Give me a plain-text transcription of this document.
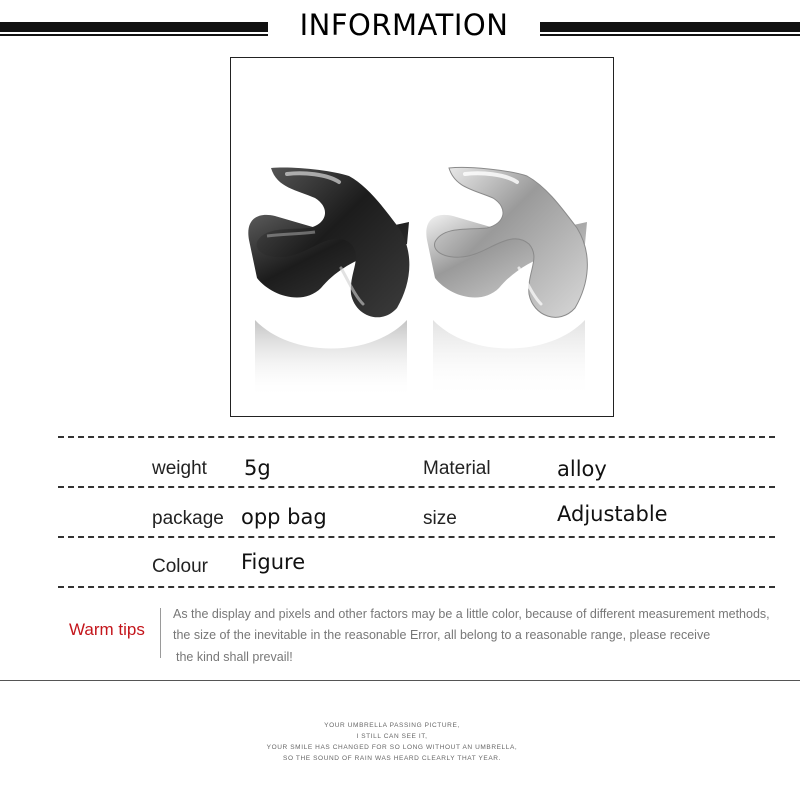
INFORMATION
weight 5g	Material	alloy
package opp bag	size	Adjustable
Colour Figure
Warm tips
As the display and pixels and other factors may be a little color, because of different measurement methods,
the size of the inevitable in the reasonable Error, all belong to a reasonable range, please receive
the kind shall prevail!
YOUR UMBRELLA PASSING PICTURE,
I STILL CAN SEE IT,
YOUR SMILE HAS CHANGED FOR SO LONG WITHOUT AN UMBRELLA,
SO THE SOUND OF RAIN WAS HEARD CLEARLY THAT YEAR.
